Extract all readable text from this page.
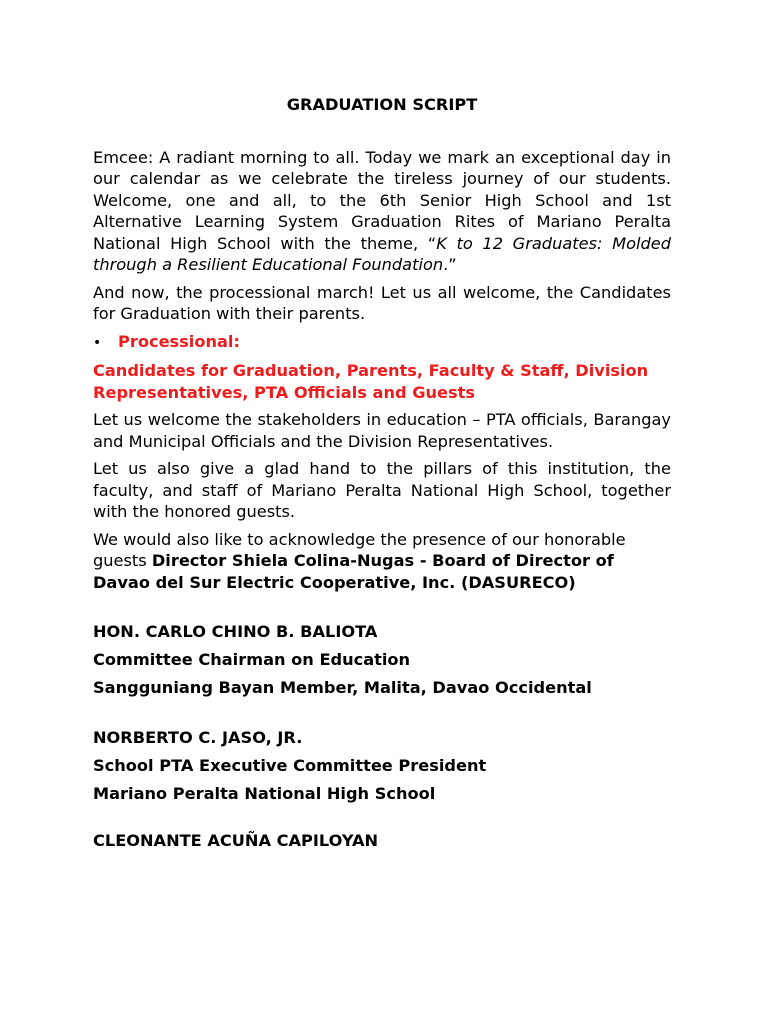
GRADUATION SCRIPT

Emcee: A radiant morning to all. Today we mark an exceptional day in our calendar as we celebrate the tireless journey of our students. Welcome, one and all, to the 6th Senior High School and 1st Alternative Learning System Graduation Rites of Mariano Peralta National High School with the theme, “K to 12 Graduates: Molded through a Resilient Educational Foundation.”

And now, the processional march! Let us all welcome, the Candidates for Graduation with their parents.

•	Processional:

Candidates for Graduation, Parents, Faculty & Staff, Division Representatives, PTA Officials and Guests

Let us welcome the stakeholders in education – PTA officials, Barangay and Municipal Officials and the Division Representatives.

Let us also give a glad hand to the pillars of this institution, the faculty, and staff of Mariano Peralta National High School, together with the honored guests.

We would also like to acknowledge the presence of our honorable guests Director Shiela Colina-Nugas - Board of Director of Davao del Sur Electric Cooperative, Inc. (DASURECO)

HON. CARLO CHINO B. BALIOTA
Committee Chairman on Education
Sangguniang Bayan Member, Malita, Davao Occidental
NORBERTO C. JASO, JR.
School PTA Executive Committee President
Mariano Peralta National High School
CLEONANTE ACUÑA CAPILOYAN
